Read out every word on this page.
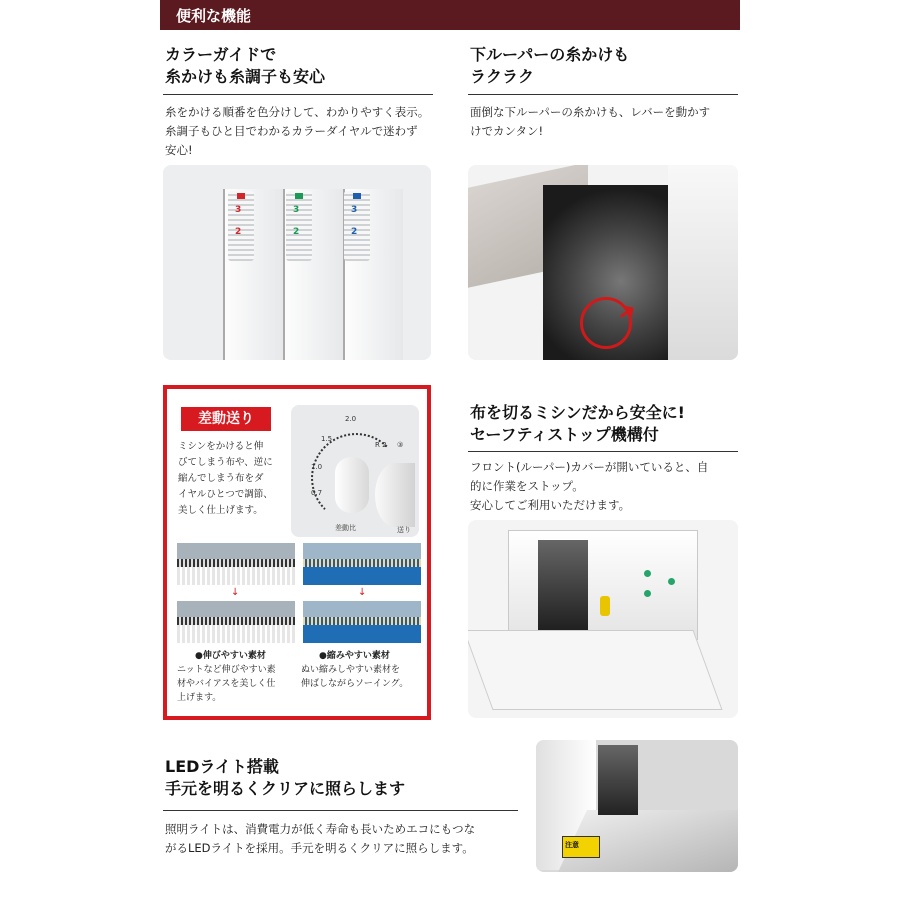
便利な機能
カラーガイドで
糸かけも糸調子も安心
糸をかける順番を色分けして、わかりやすく表示。
糸調子もひと目でわかるカラーダイヤルで迷わず
安心!
下ルーパーの糸かけも
ラクラク
面倒な下ルーパーの糸かけも、レバーを動かす
けでカンタン!
3
2
3
2
3
2
➜
差動送り
ミシンをかけると伸
びてしまう布や、逆に
縮んでしまう布をダ
イヤルひとつで調節、
美しく仕上げます。
2.0
1.5
1.0
0.7
R 2 ③
差動比	送り
↓	↓
●伸びやすい素材
ニットなど伸びやすい素
材やバイアスを美しく仕
上げます。
●縮みやすい素材
ぬい縮みしやすい素材を
伸ばしながらソーイング。
布を切るミシンだから安全に!
セーフティストップ機構付
フロント(ルーパー)カバーが開いていると、自
的に作業をストップ。
安心してご利用いただけます。
LEDライト搭載
手元を明るくクリアに照らします
照明ライトは、消費電力が低く寿命も長いためエコにもつな
がるLEDライトを採用。手元を明るくクリアに照らします。	注意
